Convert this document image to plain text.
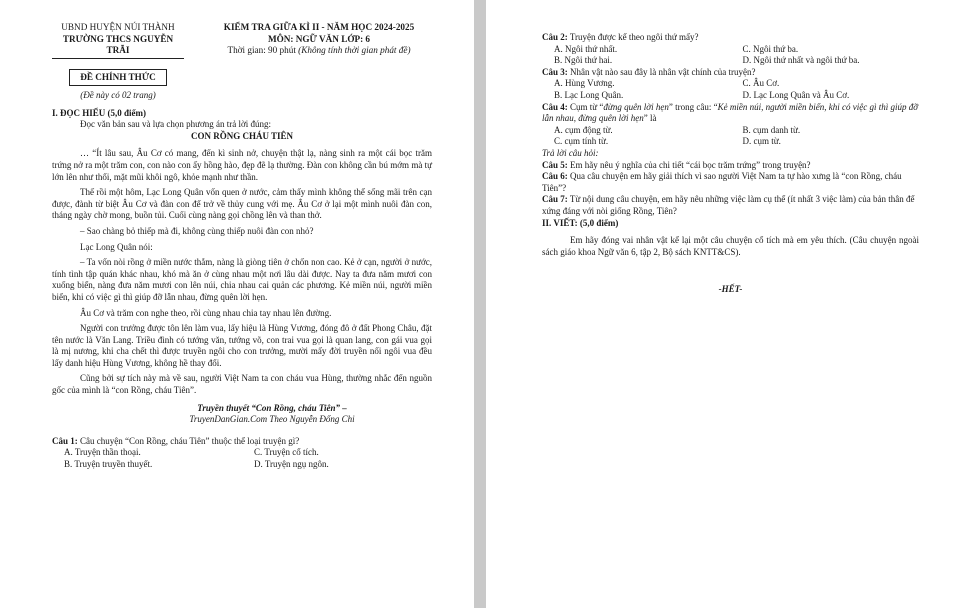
UBND HUYỆN NÚI THÀNH
TRƯỜNG THCS NGUYỄN TRÃI
ĐỀ CHÍNH THỨC
KIỂM TRA GIỮA KÌ II - NĂM HỌC 2024-2025
MÔN: NGỮ VĂN LỚP: 6
Thời gian: 90 phút (Không tính thời gian phát đề)
(Đề này có 02 trang)
I. ĐỌC HIỂU (5,0 điểm)
Đọc văn bản sau và lựa chọn phương án trả lời đúng:
CON RỒNG CHÁU TIÊN

… “Ít lâu sau, Âu Cơ có mang, đến kì sinh nở, chuyện thật lạ, nàng sinh ra một cái bọc trăm trứng nở ra một trăm con, con nào con ấy hồng hào, đẹp đẽ lạ thường. Đàn con không cần bú mớm mà tự lớn lên như thổi, mặt mũi khôi ngô, khỏe mạnh như thần.

Thế rồi một hôm, Lạc Long Quân vốn quen ở nước, cảm thấy mình không thể sống mãi trên cạn được, đành từ biệt Âu Cơ và đàn con để trở về thủy cung với mẹ. Âu Cơ ở lại một mình nuôi đàn con, tháng ngày chờ mong, buồn tủi. Cuối cùng nàng gọi chồng lên và than thở.

– Sao chàng bỏ thiếp mà đi, không cùng thiếp nuôi đàn con nhỏ?

Lạc Long Quân nói:

– Ta vốn nòi rồng ở miền nước thẳm, nàng là giòng tiên ở chốn non cao. Kẻ ở cạn, người ở nước, tính tình tập quán khác nhau, khó mà ăn ở cùng nhau một nơi lâu dài được. Nay ta đưa năm mươi con xuống biển, nàng đưa năm mươi con lên núi, chia nhau cai quản các phương. Kẻ miền núi, người miền biển, khi có việc gì thì giúp đỡ lẫn nhau, đừng quên lời hẹn.

Âu Cơ và trăm con nghe theo, rồi cùng nhau chia tay nhau lên đường.

Người con trưởng được tôn lên làm vua, lấy hiệu là Hùng Vương, đóng đô ở đất Phong Châu, đặt tên nước là Văn Lang. Triều đình có tướng văn, tướng võ, con trai vua gọi là quan lang, con gái vua gọi là mị nương, khi cha chết thì được truyền ngôi cho con trưởng, mười mấy đời truyền nối ngôi vua đều lấy danh hiệu Hùng Vương, không hề thay đổi.

Cũng bởi sự tích này mà về sau, người Việt Nam ta con cháu vua Hùng, thường nhắc đến nguồn gốc của mình là “con Rồng, cháu Tiên”.

Truyền thuyết “Con Rồng, cháu Tiên” –
TruyenDanGian.Com Theo Nguyễn Đổng Chi
Câu 1: Câu chuyện “Con Rồng, cháu Tiên” thuộc thể loại truyện gì?
A. Truyện thần thoại.	C. Truyện cổ tích.
B. Truyện truyền thuyết.	D. Truyện ngụ ngôn.
Câu 2: Truyện được kể theo ngôi thứ mấy?
A. Ngôi thứ nhất.	C. Ngôi thứ ba.
B. Ngôi thứ hai.	D. Ngôi thứ nhất và ngôi thứ ba.
Câu 3: Nhân vật nào sau đây là nhân vật chính của truyện?
A. Hùng Vương.	C. Âu Cơ.
B. Lạc Long Quân.	D. Lạc Long Quân và Âu Cơ.
Câu 4: Cụm từ “đừng quên lời hẹn” trong câu: “Kẻ miền núi, người miền biển, khi có việc gì thì giúp đỡ lẫn nhau, đừng quên lời hẹn” là
A. cụm động từ.	B. cụm danh từ.
C. cụm tính từ.	D. cụm từ.
Trả lời câu hỏi:
Câu 5: Em hãy nêu ý nghĩa của chi tiết “cái bọc trăm trứng” trong truyện?
Câu 6: Qua câu chuyện em hãy giải thích vì sao người Việt Nam ta tự hào xưng là “con Rồng, cháu Tiên”?
Câu 7: Từ nội dung câu chuyện, em hãy nêu những việc làm cụ thể (ít nhất 3 việc làm) của bản thân để xứng đáng với nòi giống Rồng, Tiên?
II. VIẾT: (5,0 điểm)

Em hãy đóng vai nhân vật kể lại một câu chuyện cổ tích mà em yêu thích. (Câu chuyện ngoài sách giáo khoa Ngữ văn 6, tập 2, Bộ sách KNTT&CS).

-HẾT-
